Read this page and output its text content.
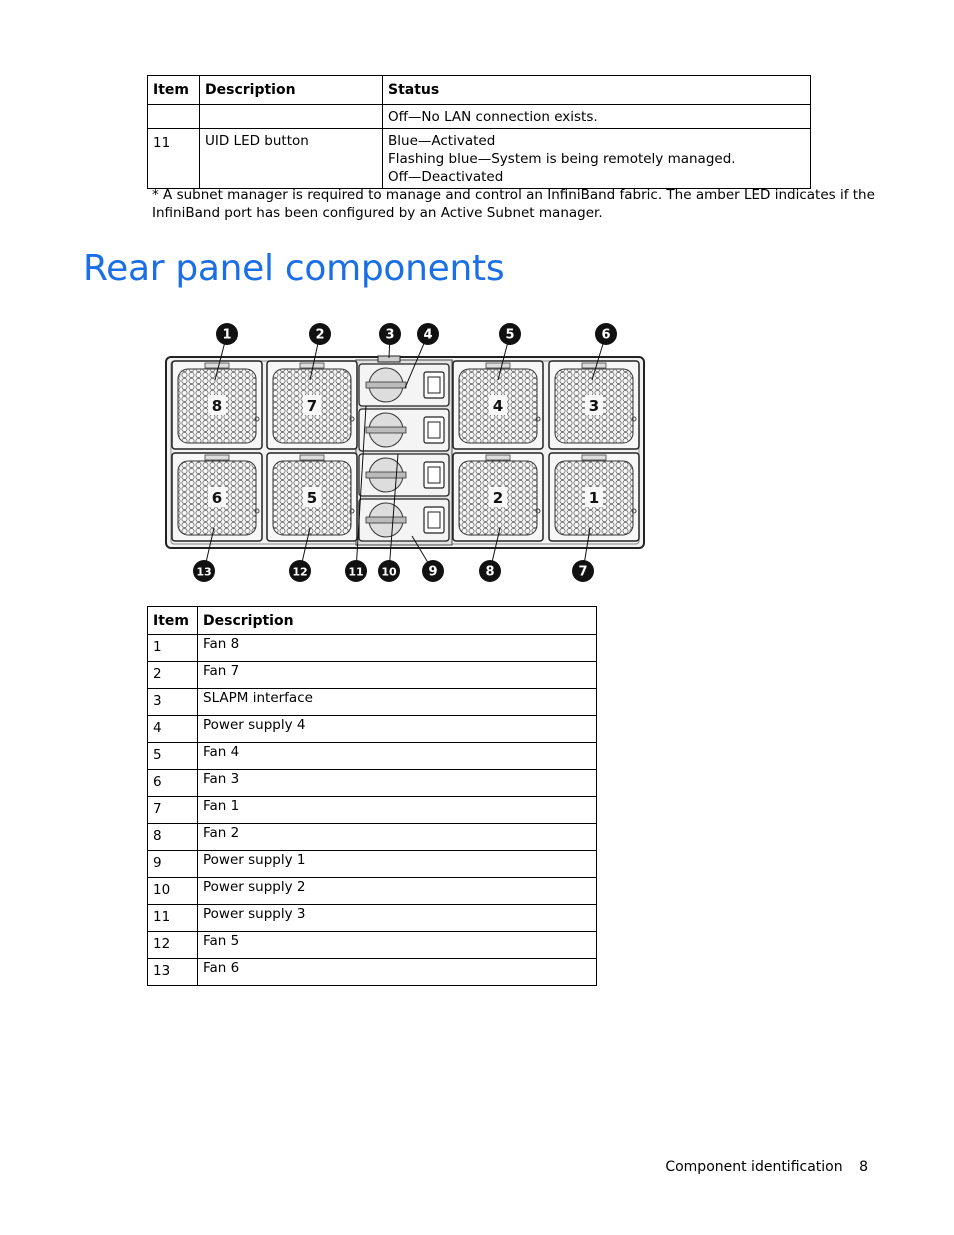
Item	Description	Status

		Off—No LAN connection exists.

11	UID LED button	Blue—Activated
Flashing blue—System is being remotely managed.
Off—Deactivated
* A subnet manager is required to manage and control an InfiniBand fabric. The amber LED indicates if the InfiniBand port has been configured by an Active Subnet manager.
Rear panel components
8	7	4	3
6	5	2	1
1	2	3 4	5	6
13	12	11 10 9	8	7
Item	Description
1	Fan 8
2	Fan 7
3	SLAPM interface
4	Power supply 4
5	Fan 4
6	Fan 3
7	Fan 1
8	Fan 2
9	Power supply 1
10	Power supply 2
11	Power supply 3
12	Fan 5
13	Fan 6
Component identification 8
